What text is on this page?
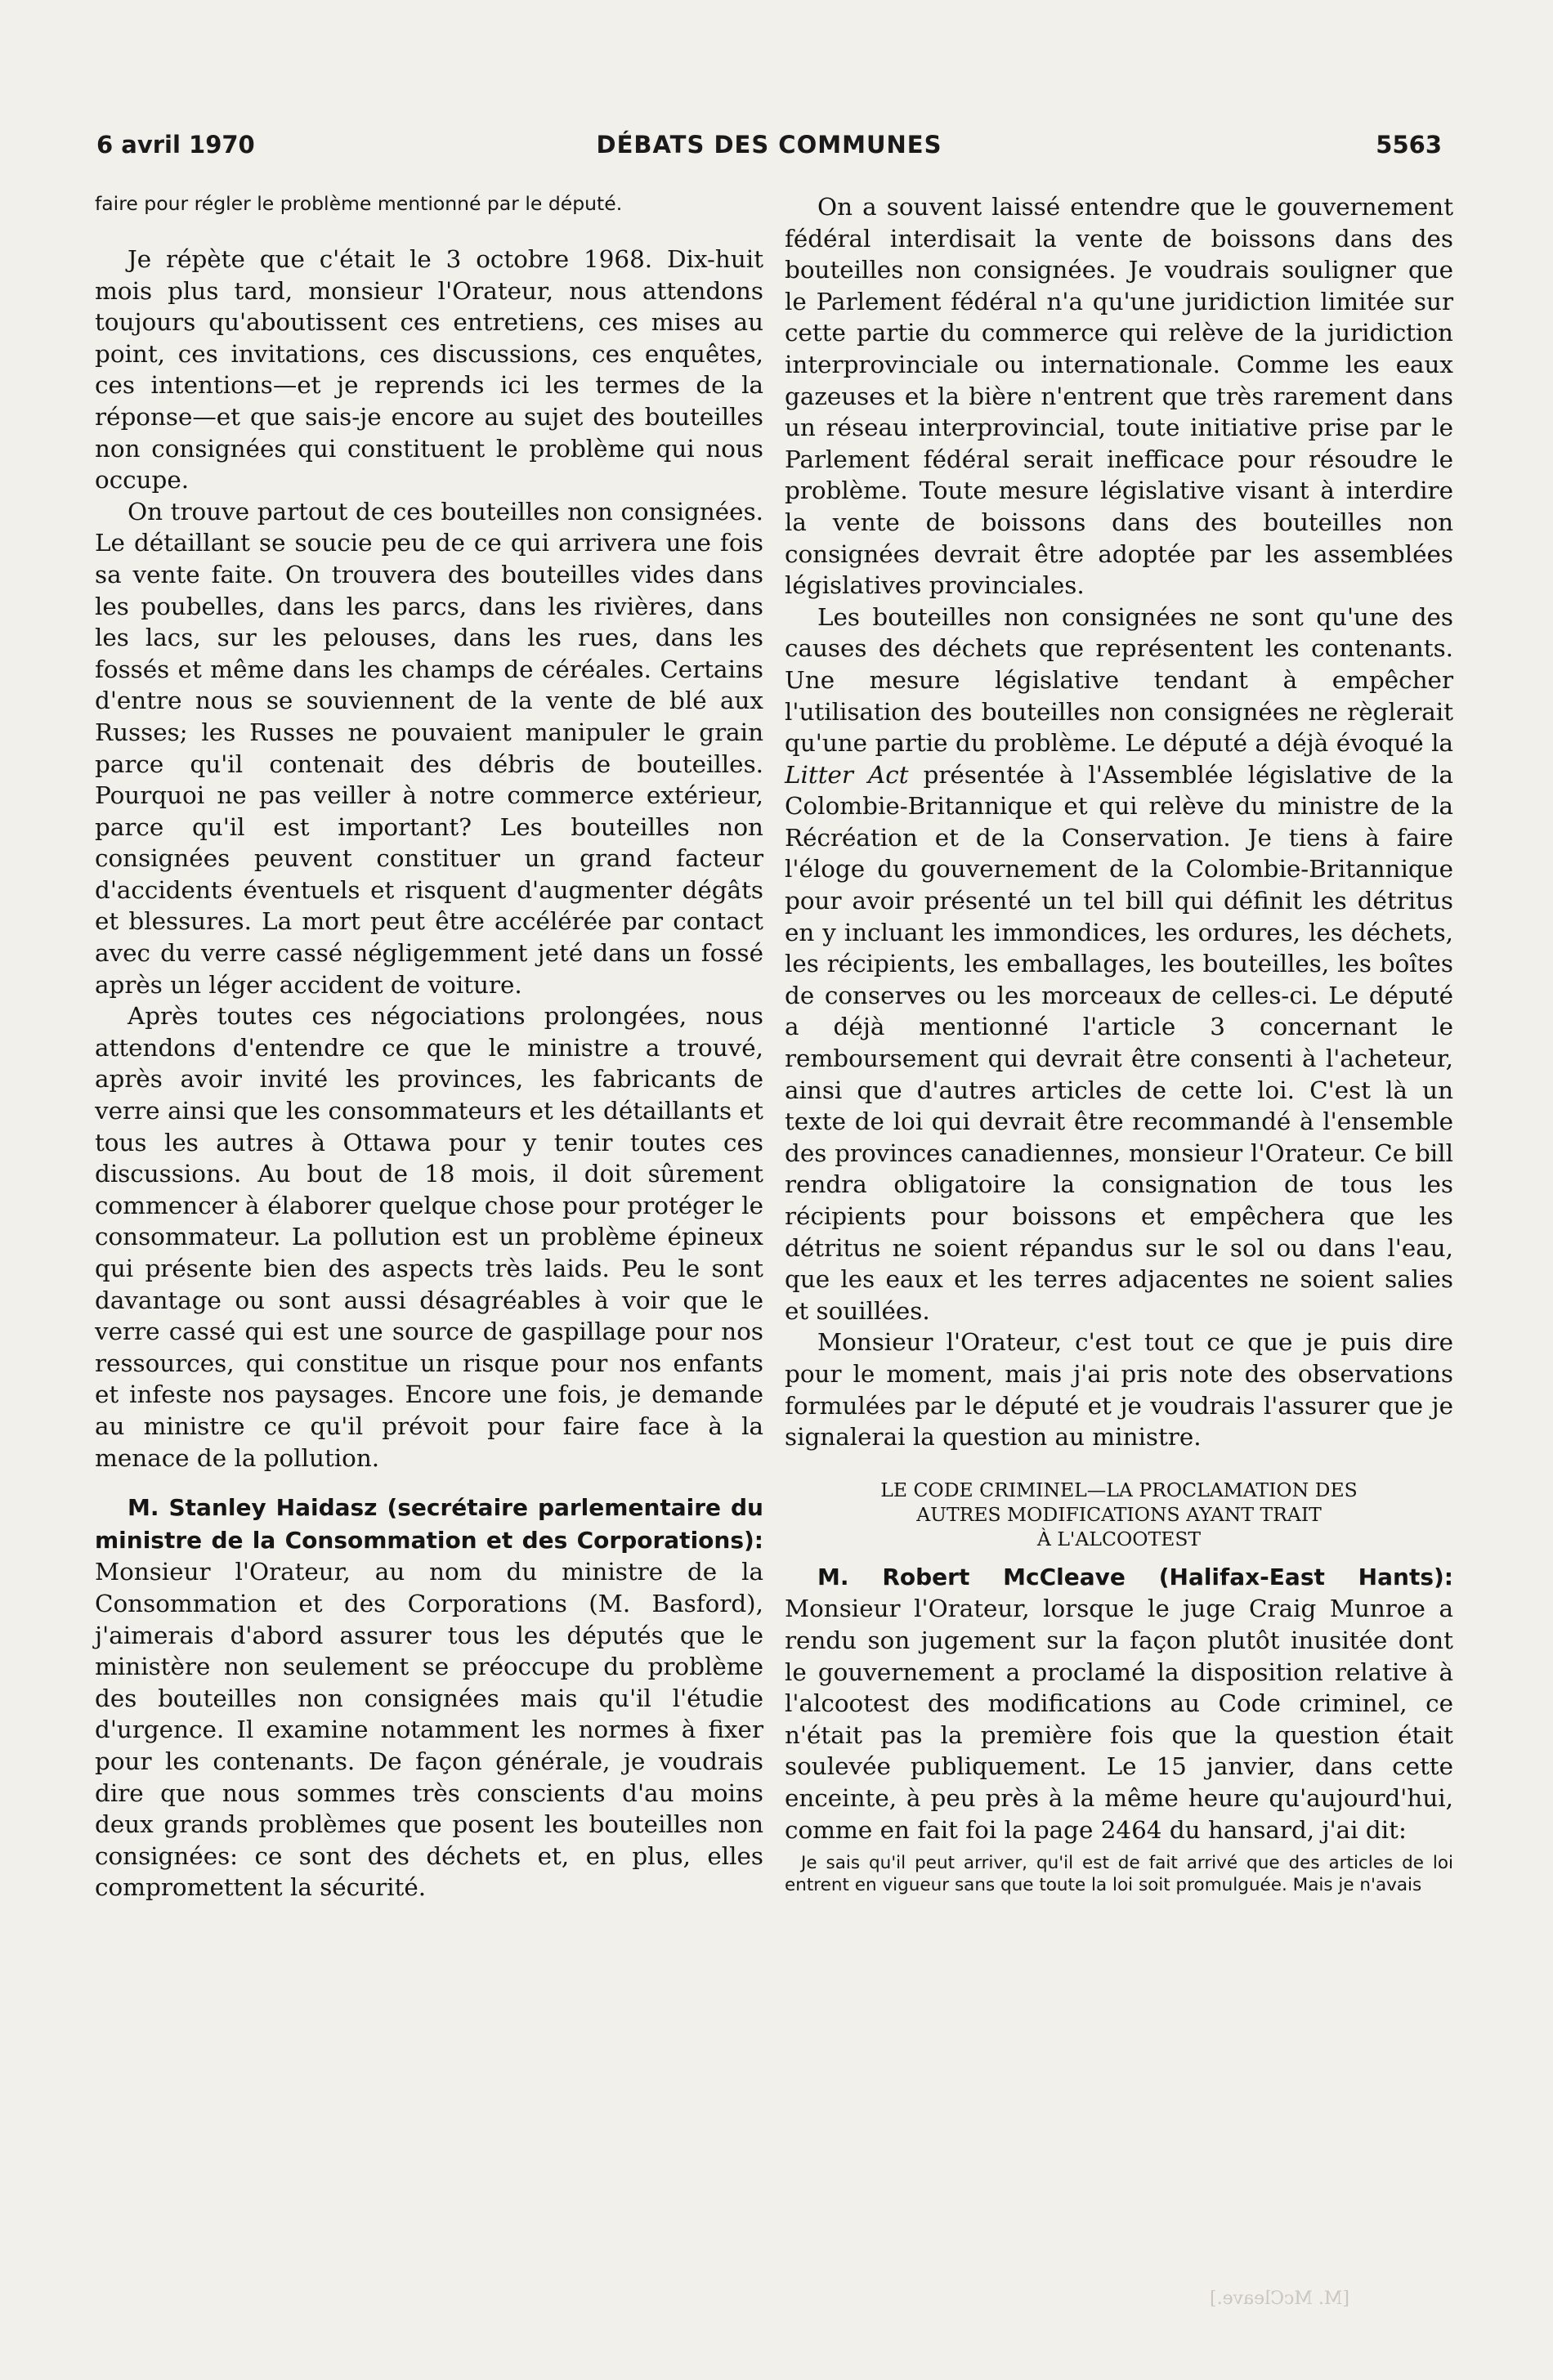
6 avril 1970	DÉBATS DES COMMUNES	5563

faire pour régler le problème mentionné par le député.

Je répète que c'était le 3 octobre 1968. Dix-huit mois plus tard, monsieur l'Orateur, nous attendons toujours qu'aboutissent ces entretiens, ces mises au point, ces invitations, ces discussions, ces enquêtes, ces intentions—et je reprends ici les termes de la réponse—et que sais-je encore au sujet des bouteilles non consignées qui constituent le problème qui nous occupe.

On trouve partout de ces bouteilles non consignées. Le détaillant se soucie peu de ce qui arrivera une fois sa vente faite. On trouvera des bouteilles vides dans les poubelles, dans les parcs, dans les rivières, dans les lacs, sur les pelouses, dans les rues, dans les fossés et même dans les champs de céréales. Certains d'entre nous se souviennent de la vente de blé aux Russes; les Russes ne pouvaient manipuler le grain parce qu'il contenait des débris de bouteilles. Pourquoi ne pas veiller à notre commerce extérieur, parce qu'il est important? Les bouteilles non consignées peuvent constituer un grand facteur d'accidents éventuels et risquent d'augmenter dégâts et blessures. La mort peut être accélérée par contact avec du verre cassé négligemment jeté dans un fossé après un léger accident de voiture.

Après toutes ces négociations prolongées, nous attendons d'entendre ce que le ministre a trouvé, après avoir invité les provinces, les fabricants de verre ainsi que les consommateurs et les détaillants et tous les autres à Ottawa pour y tenir toutes ces discussions. Au bout de 18 mois, il doit sûrement commencer à élaborer quelque chose pour protéger le consommateur. La pollution est un problème épineux qui présente bien des aspects très laids. Peu le sont davantage ou sont aussi désagréables à voir que le verre cassé qui est une source de gaspillage pour nos ressources, qui constitue un risque pour nos enfants et infeste nos paysages. Encore une fois, je demande au ministre ce qu'il prévoit pour faire face à la menace de la pollution.

M. Stanley Haidasz (secrétaire parlementaire du ministre de la Consommation et des Corporations): Monsieur l'Orateur, au nom du ministre de la Consommation et des Corporations (M. Basford), j'aimerais d'abord assurer tous les députés que le ministère non seulement se préoccupe du problème des bouteilles non consignées mais qu'il l'étudie d'urgence. Il examine notamment les normes à fixer pour les contenants. De façon générale, je voudrais dire que nous sommes très conscients d'au moins deux grands problèmes que posent les bouteilles non consignées: ce sont des déchets et, en plus, elles compromettent la sécurité.

On a souvent laissé entendre que le gouvernement fédéral interdisait la vente de boissons dans des bouteilles non consignées. Je voudrais souligner que le Parlement fédéral n'a qu'une juridiction limitée sur cette partie du commerce qui relève de la juridiction interprovinciale ou internationale. Comme les eaux gazeuses et la bière n'entrent que très rarement dans un réseau interprovincial, toute initiative prise par le Parlement fédéral serait inefficace pour résoudre le problème. Toute mesure législative visant à interdire la vente de boissons dans des bouteilles non consignées devrait être adoptée par les assemblées législatives provinciales.

Les bouteilles non consignées ne sont qu'une des causes des déchets que représentent les contenants. Une mesure législative tendant à empêcher l'utilisation des bouteilles non consignées ne règlerait qu'une partie du problème. Le député a déjà évoqué la Litter Act présentée à l'Assemblée législative de la Colombie-Britannique et qui relève du ministre de la Récréation et de la Conservation. Je tiens à faire l'éloge du gouvernement de la Colombie-Britannique pour avoir présenté un tel bill qui définit les détritus en y incluant les immondices, les ordures, les déchets, les récipients, les emballages, les bouteilles, les boîtes de conserves ou les morceaux de celles-ci. Le député a déjà mentionné l'article 3 concernant le remboursement qui devrait être consenti à l'acheteur, ainsi que d'autres articles de cette loi. C'est là un texte de loi qui devrait être recommandé à l'ensemble des provinces canadiennes, monsieur l'Orateur. Ce bill rendra obligatoire la consignation de tous les récipients pour boissons et empêchera que les détritus ne soient répandus sur le sol ou dans l'eau, que les eaux et les terres adjacentes ne soient salies et souillées.

Monsieur l'Orateur, c'est tout ce que je puis dire pour le moment, mais j'ai pris note des observations formulées par le député et je voudrais l'assurer que je signalerai la question au ministre.

LE CODE CRIMINEL—LA PROCLAMATION DES
AUTRES MODIFICATIONS AYANT TRAIT
À L'ALCOOTEST

M. Robert McCleave (Halifax-East Hants): Monsieur l'Orateur, lorsque le juge Craig Munroe a rendu son jugement sur la façon plutôt inusitée dont le gouvernement a proclamé la disposition relative à l'alcootest des modifications au Code criminel, ce n'était pas la première fois que la question était soulevée publiquement. Le 15 janvier, dans cette enceinte, à peu près à la même heure qu'aujourd'hui, comme en fait foi la page 2464 du hansard, j'ai dit:

Je sais qu'il peut arriver, qu'il est de fait arrivé que des articles de loi entrent en vigueur sans que toute la loi soit promulguée. Mais je n'avais

[M. McCleave.]
